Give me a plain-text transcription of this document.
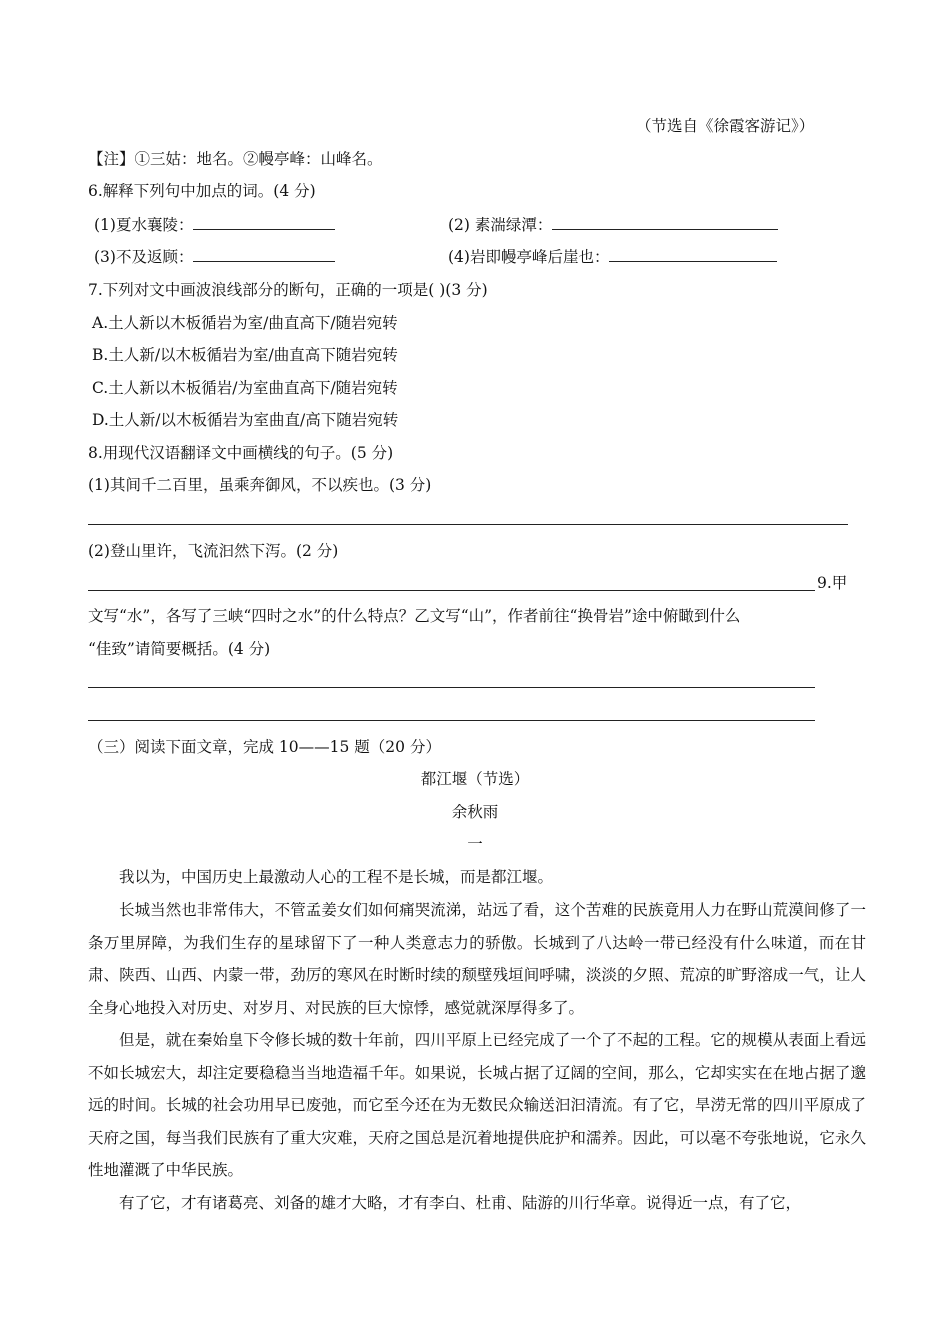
（节选自《徐霞客游记》）
【注】①三姑：地名。②幔亭峰：山峰名。
6.解释下列句中加点的词。(4 分)
(1)夏水襄陵：	(2) 素湍绿潭：
(3)不及返顾：	(4)岩即幔亭峰后崖也：
7.下列对文中画波浪线部分的断句，正确的一项是( )(3 分)
A.土人新以木板循岩为室/曲直高下/随岩宛转
B.土人新/以木板循岩为室/曲直高下随岩宛转
C.土人新以木板循岩/为室曲直高下/随岩宛转
D.土人新/以木板循岩为室曲直/高下随岩宛转
8.用现代汉语翻译文中画横线的句子。(5 分)
(1)其间千二百里，虽乘奔御风，不以疾也。(3 分)
(2)登山里许，飞流汩然下泻。(2 分)
9.甲
文写“水”，各写了三峡“四时之水”的什么特点？乙文写“山”，作者前往“换骨岩”途中俯瞰到什么
“佳致”请简要概括。(4 分)
（三）阅读下面文章，完成 10——15 题（20 分）
都江堰（节选）
余秋雨
一
我以为，中国历史上最激动人心的工程不是长城，而是都江堰。
长城当然也非常伟大，不管孟姜女们如何痛哭流涕，站远了看，这个苦难的民族竟用人力在野山荒漠间修了一条万里屏障，为我们生存的星球留下了一种人类意志力的骄傲。长城到了八达岭一带已经没有什么味道，而在甘肃、陕西、山西、内蒙一带，劲厉的寒风在时断时续的颓壁残垣间呼啸，淡淡的夕照、荒凉的旷野溶成一气，让人全身心地投入对历史、对岁月、对民族的巨大惊悸，感觉就深厚得多了。
但是，就在秦始皇下令修长城的数十年前，四川平原上已经完成了一个了不起的工程。它的规模从表面上看远不如长城宏大，却注定要稳稳当当地造福千年。如果说，长城占据了辽阔的空间，那么，它却实实在在地占据了邈远的时间。长城的社会功用早已废弛，而它至今还在为无数民众输送汩汩清流。有了它，旱涝无常的四川平原成了天府之国，每当我们民族有了重大灾难，天府之国总是沉着地提供庇护和濡养。因此，可以毫不夸张地说，它永久性地灌溉了中华民族。
有了它，才有诸葛亮、刘备的雄才大略，才有李白、杜甫、陆游的川行华章。说得近一点，有了它，
